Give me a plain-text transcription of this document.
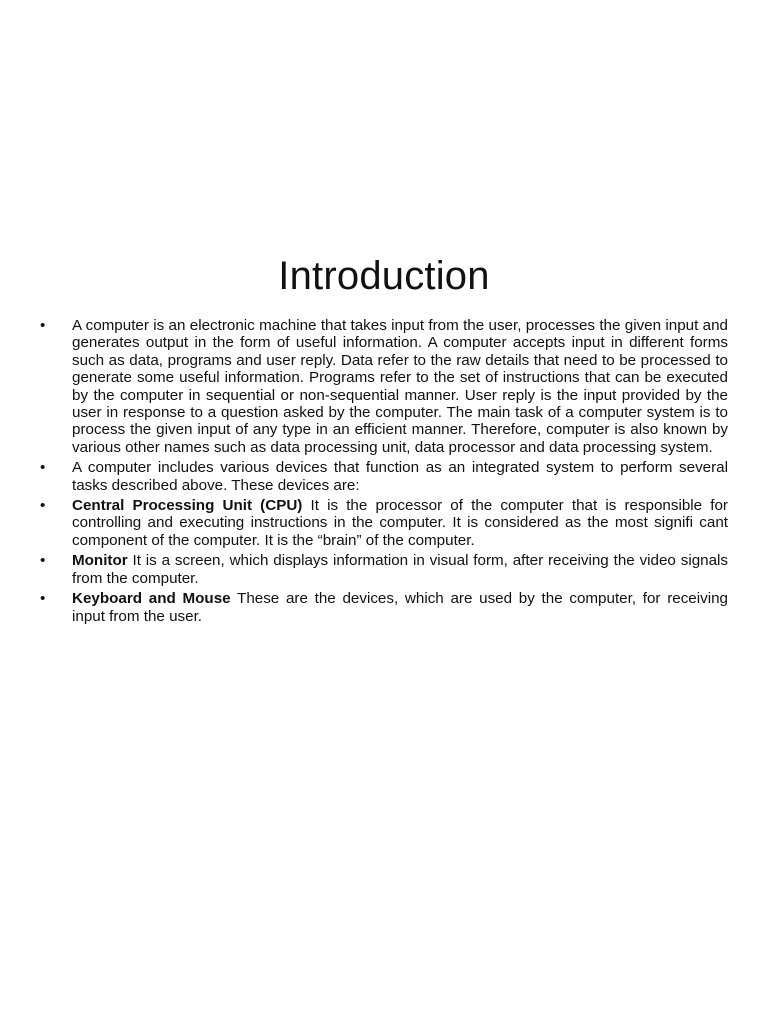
Introduction
•	A computer is an electronic machine that takes input from the user, processes the given input and generates output in the form of useful information. A computer accepts input in different forms such as data, programs and user reply. Data refer to the raw details that need to be processed to generate some useful information. Programs refer to the set of instructions that can be executed by the computer in sequential or non-sequential manner. User reply is the input provided by the user in response to a question asked by the computer. The main task of a computer system is to process the given input of any type in an efficient manner. Therefore, computer is also known by various other names such as data processing unit, data processor and data processing system.
•	A computer includes various devices that function as an integrated system to perform several tasks described above. These devices are:
•	Central Processing Unit (CPU) It is the processor of the computer that is responsible for controlling and executing instructions in the computer. It is considered as the most signifi cant component of the computer. It is the “brain” of the computer.
•	Monitor It is a screen, which displays information in visual form, after receiving the video signals from the computer.
•	Keyboard and Mouse These are the devices, which are used by the computer, for receiving input from the user.
